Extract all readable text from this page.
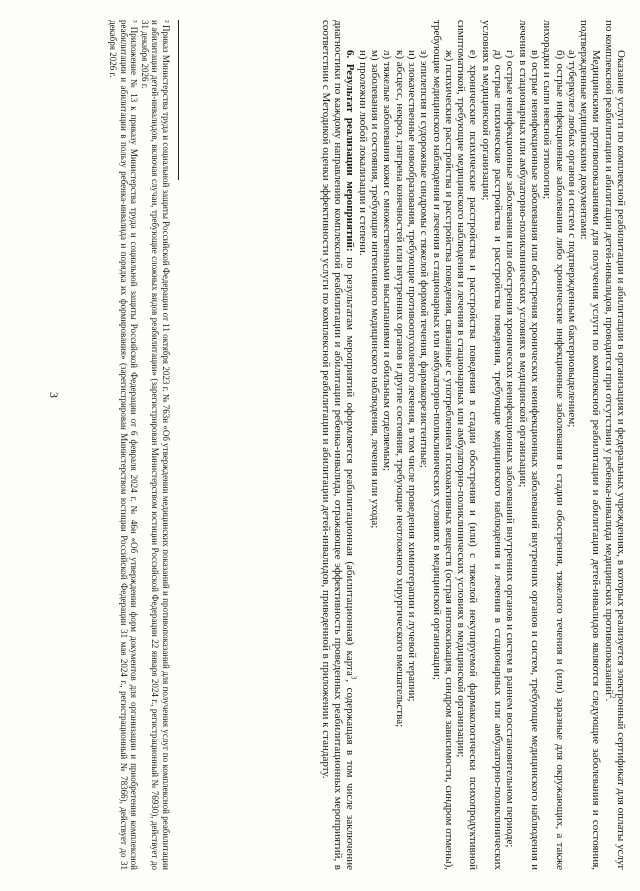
3	Оказание услуги по комплексной реабилитации и абилитации в организациях и федеральных учреждениях, в которых реализуется электронный сертификат для оплаты услуг по комплексной реабилитации и абилитации детей-инвалидов, проводится при отсутствии у ребенка-инвалида медицинских противопоказаний$^2$.

Медицинскими противопоказаниями для получения услуги по комплексной реабилитации и абилитации детей-инвалидов являются следующие заболевания и состояния, подтвержденные медицинскими документами:

а) туберкулез любых органов и систем с подтвержденным бактериовыделением;

б) острые инфекционные заболевания либо хронические инфекционные заболевания в стадии обострения, тяжелого течения и (или) заразные для окружающих, а также лихорадки и сыпи неясной этиологии;

в) острые неинфекционные заболевания или обострения хронических неинфекционных заболеваний внутренних органов и систем, требующие медицинского наблюдения и лечения в стационарных или амбулаторно-поликлинических условиях в медицинской организации;

г) острые неинфекционные заболевания или обострения хронических неинфекционных заболеваний внутренних органов и систем в раннем восстановительном периоде;

д) острые психические расстройства и расстройства поведения, требующие медицинского наблюдения и лечения в стационарных или амбулаторно-поликлинических условиях в медицинской организации;

е) хронические психические расстройства и расстройства поведения в стадии обострения и (или) с тяжелой некупируемой фармакологически психопродуктивной симптоматикой, требующие медицинского наблюдения и лечения в стационарных или амбулаторно-поликлинических условиях в медицинской организации;

ж) психические расстройства и расстройства поведения, связанные с употреблением психоактивных веществ (острая интоксикация, синдром зависимости, синдром отмены), требующие медицинского наблюдения и лечения в стационарных или амбулаторно-поликлинических условиях в медицинской организации;

з) эпилепсия и судорожные синдромы с тяжелой формой течения, фармакорезистентные;

и) злокачественные новообразования, требующие противоопухолевого лечения, в том числе проведения химиотерапии и лучевой терапии;

к) абсцесс, некроз, гангрена конечностей или внутренних органов и другие состояния, требующие неотложного хирургического вмешательства;

л) тяжелые заболевания кожи с множественными высыпаниями и обильным отделяемым;

м) заболевания и состояния, требующие интенсивного медицинского наблюдения, лечения или ухода;

н) пролежни любой локализации и степени.

6. Результат реализации мероприятий: по результатам мероприятий оформляется реабилитационная (абилитационная) карта$^3$, содержащая в том числе заключение диагностики по каждому направлению комплексной реабилитации и абилитации ребенка-инвалида, отражающее эффективность проведенных реабилитационных мероприятий, в соответствии с Методикой оценки эффективности услуги по комплексной реабилитации и абилитации детей-инвалидов, приведенной в приложении к стандарту.

² Приказ Министерства труда и социальной защиты Российской Федерации от 11 октября 2023 г. № 763н «Об утверждении медицинских показаний и противопоказаний для получения услуг по комплексной реабилитации и абилитации детей-инвалидов, включая случаи, требующие сложных видов реабилитации» (зарегистрирован Министерством юстиции Российской Федерации 22 января 2024 г., регистрационный № 76930), действует до 31 декабря 2026 г.

³ Приложение № 13 к приказу Министерства труда и социальной защиты Российской Федерации от 6 февраля 2024 г. № 46н «Об утверждении форм документов для организации и приобретения комплексной реабилитации и абилитации в пользу ребенка-инвалида и порядка их формирования» (зарегистрирован Министерством юстиции Российской Федерации 31 мая 2024 г., регистрационный № 78366), действует до 31 декабря 2026 г.
